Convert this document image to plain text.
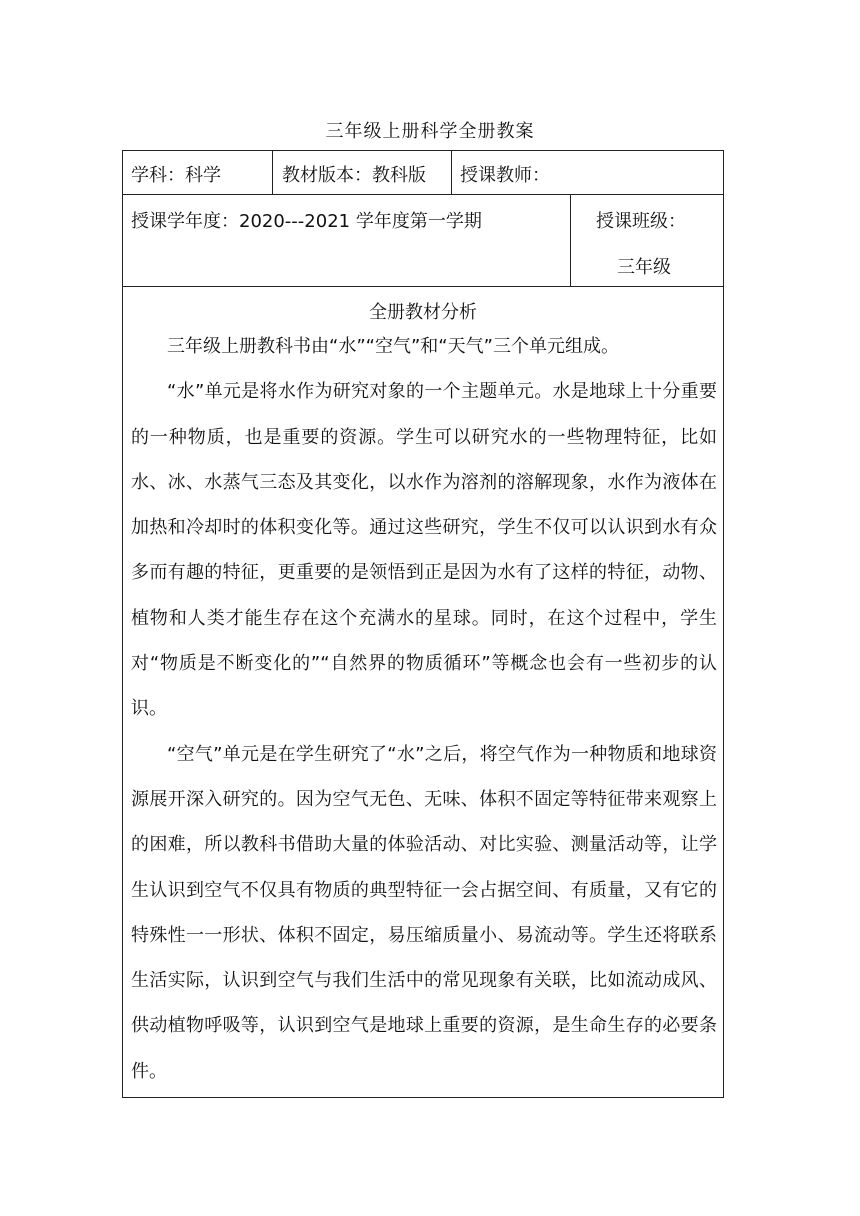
三年级上册科学全册教案
学科：科学	教材版本：教科版 授课教师：
授课学年度：2020---2021 学年度第一学期	授课班级：
三年级
全册教材分析

三年级上册教科书由“水”“空气”和“天气”三个单元组成。

“水”单元是将水作为研究对象的一个主题单元。水是地球上十分重要的一种物质，也是重要的资源。学生可以研究水的一些物理特征，比如水、冰、水蒸气三态及其变化，以水作为溶剂的溶解现象，水作为液体在加热和冷却时的体积变化等。通过这些研究，学生不仅可以认识到水有众多而有趣的特征，更重要的是领悟到正是因为水有了这样的特征，动物、植物和人类才能生存在这个充满水的星球。同时，在这个过程中，学生对“物质是不断变化的”“自然界的物质循环”等概念也会有一些初步的认识。

“空气”单元是在学生研究了“水”之后，将空气作为一种物质和地球资源展开深入研究的。因为空气无色、无味、体积不固定等特征带来观察上的困难，所以教科书借助大量的体验活动、对比实验、测量活动等，让学生认识到空气不仅具有物质的典型特征一会占据空间、有质量，又有它的特殊性一一形状、体积不固定，易压缩质量小、易流动等。学生还将联系生活实际，认识到空气与我们生活中的常见现象有关联，比如流动成风、供动植物呼吸等，认识到空气是地球上重要的资源，是生命生存的必要条件。
